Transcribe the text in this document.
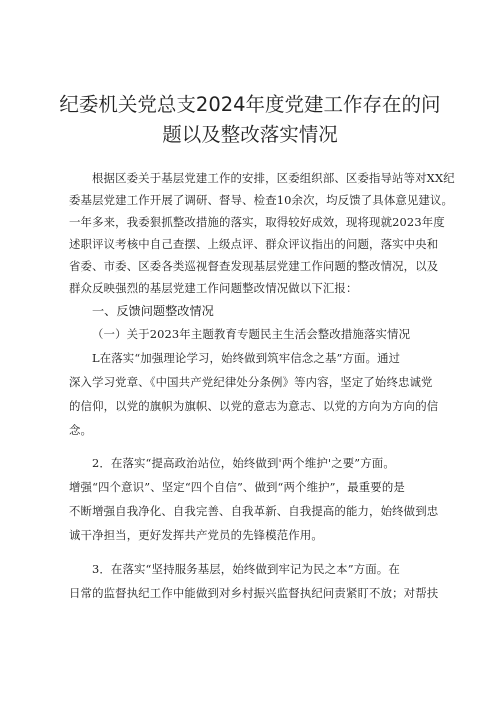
纪委机关党总支2024年度党建工作存在的问
题以及整改落实情况
根据区委关于基层党建工作的安排，区委组织部、区委指导站等对XX纪
委基层党建工作开展了调研、督导、检查10余次，均反馈了具体意见建议。
一年多来，我委狠抓整改措施的落实，取得较好成效，现将现就2023年度
述职评议考核中自己查摆、上级点评、群众评议指出的问题，落实中央和
省委、市委、区委各类巡视督查发现基层党建工作问题的整改情况，以及
群众反映强烈的基层党建工作问题整改情况做以下汇报：
一、反馈问题整改情况
（一）关于2023年主题教育专题民主生活会整改措施落实情况
L在落实“加强理论学习，始终做到筑牢信念之基”方面。通过
深入学习党章、《中国共产党纪律处分条例》等内容，坚定了始终忠诚党
的信仰，以党的旗帜为旗帜、以党的意志为意志、以党的方向为方向的信
念。
2．在落实“提高政治站位，始终做到'两个维护'之要”方面。
增强“四个意识”、坚定“四个自信”、做到“两个维护”，最重要的是
不断增强自我净化、自我完善、自我革新、自我提高的能力，始终做到忠
诚干净担当，更好发挥共产党员的先锋模范作用。
3．在落实“坚持服务基层，始终做到牢记为民之本”方面。在
日常的监督执纪工作中能做到对乡村振兴监督执纪问责紧盯不放；对帮扶
